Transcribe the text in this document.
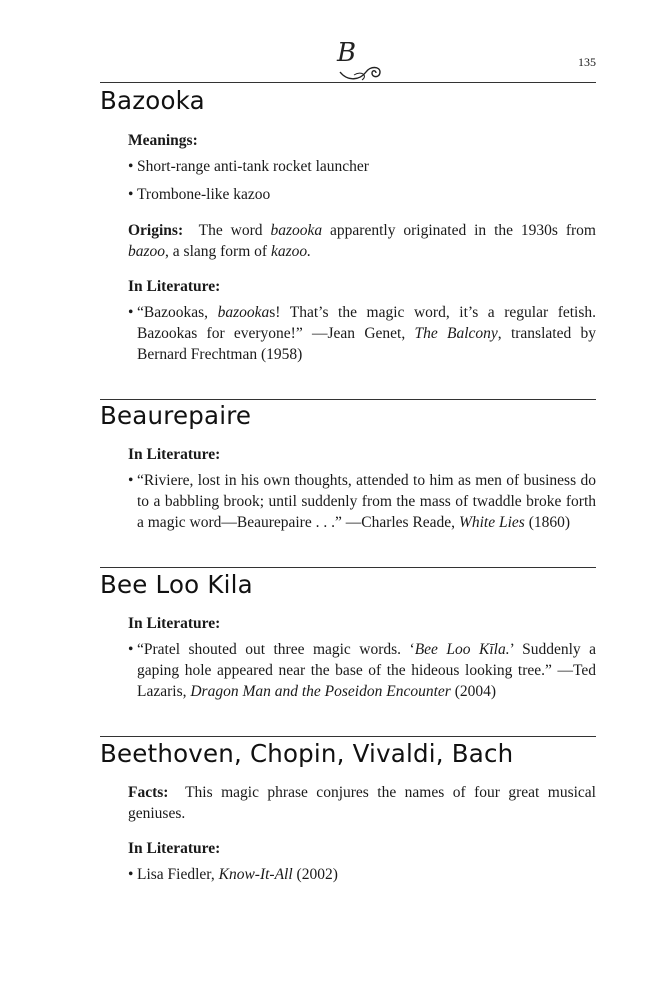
B	135
Bazooka

Meanings:

• Short-range anti-tank rocket launcher
• Trombone-like kazoo

Origins: The word bazooka apparently originated in the 1930s from bazoo, a slang form of kazoo.

In Literature:

• “Bazookas, bazookas! That’s the magic word, it’s a regular fetish. Bazookas for everyone!” —Jean Genet, The Balcony, translated by Bernard Frechtman (1958)
Beaurepaire

In Literature:

• “Riviere, lost in his own thoughts, attended to him as men of business do to a babbling brook; until suddenly from the mass of twaddle broke forth a magic word—Beaurepaire . . .” —Charles Reade, White Lies (1860)
Bee Loo Kila

In Literature:

• “Pratel shouted out three magic words. ‘Bee Loo Kīla.’ Suddenly a gaping hole appeared near the base of the hideous looking tree.” —Ted Lazaris, Dragon Man and the Poseidon Encounter (2004)
Beethoven, Chopin, Vivaldi, Bach

Facts: This magic phrase conjures the names of four great musical geniuses.

In Literature:

• Lisa Fiedler, Know-It-All (2002)
